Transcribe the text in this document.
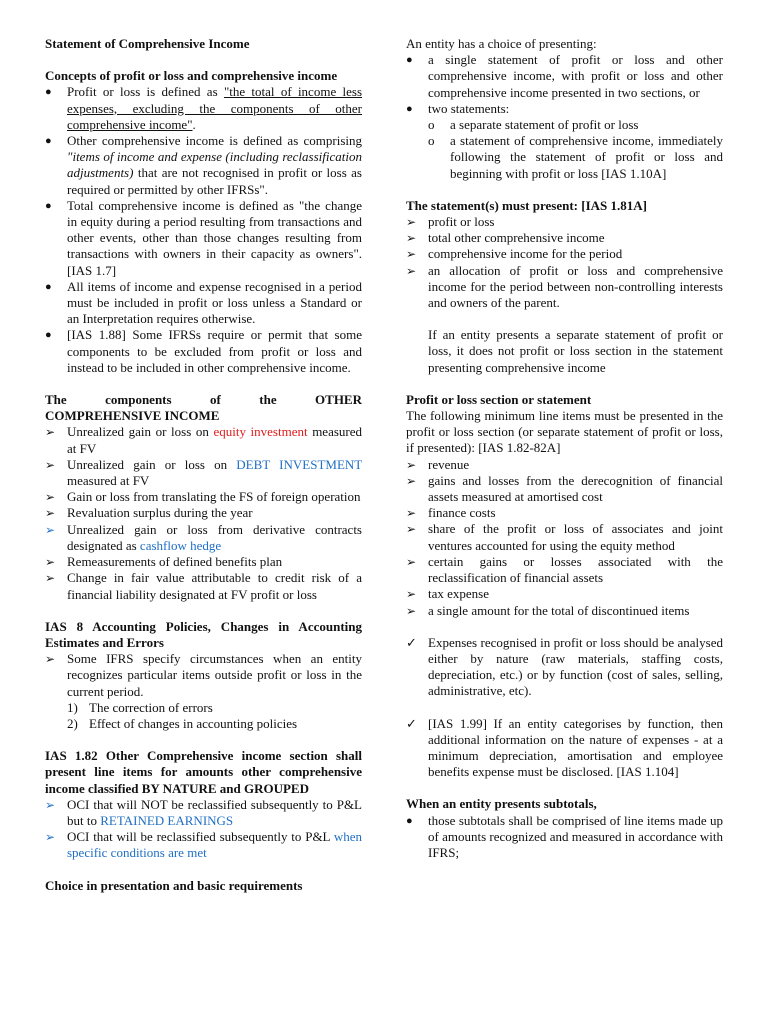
Statement of Comprehensive Income
Concepts of profit or loss and comprehensive income
●	Profit or loss is defined as "the total of income less expenses, excluding the components of other comprehensive income".
●	Other comprehensive income is defined as comprising "items of income and expense (including reclassification adjustments) that are not recognised in profit or loss as required or permitted by other IFRSs".
●	Total comprehensive income is defined as "the change in equity during a period resulting from transactions and other events, other than those changes resulting from transactions with owners in their capacity as owners". [IAS 1.7]
●	All items of income and expense recognised in a period must be included in profit or loss unless a Standard or an Interpretation requires otherwise.
●	[IAS 1.88] Some IFRSs require or permit that some components to be excluded from profit or loss and instead to be included in other comprehensive income.
The components of the OTHER
COMPREHENSIVE INCOME
➢ Unrealized gain or loss on equity investment measured at FV
➢ Unrealized gain or loss on DEBT INVESTMENT measured at FV
➢ Gain or loss from translating the FS of foreign operation
➢ Revaluation surplus during the year
➢ Unrealized gain or loss from derivative contracts designated as cashflow hedge
➢ Remeasurements of defined benefits plan
➢ Change in fair value attributable to credit risk of a financial liability designated at FV profit or loss
IAS 8 Accounting Policies, Changes in Accounting Estimates and Errors
➢ Some IFRS specify circumstances when an entity recognizes particular items outside profit or loss in the current period.
1) The correction of errors
2) Effect of changes in accounting policies
IAS 1.82 Other Comprehensive income section shall present line items for amounts other comprehensive income classified BY NATURE and GROUPED
➢ OCI that will NOT be reclassified subsequently to P&L but to RETAINED EARNINGS
➢ OCI that will be reclassified subsequently to P&L when specific conditions are met
Choice in presentation and basic requirements
An entity has a choice of presenting:
●	a single statement of profit or loss and other comprehensive income, with profit or loss and other comprehensive income presented in two sections, or
●	two statements:
o a separate statement of profit or loss
o a statement of comprehensive income, immediately following the statement of profit or loss and beginning with profit or loss [IAS 1.10A]
The statement(s) must present: [IAS 1.81A]
➢ profit or loss
➢ total other comprehensive income
➢ comprehensive income for the period
➢ an allocation of profit or loss and comprehensive income for the period between non-controlling interests and owners of the parent.
If an entity presents a separate statement of profit or loss, it does not profit or loss section in the statement presenting comprehensive income
Profit or loss section or statement
The following minimum line items must be presented in the profit or loss section (or separate statement of profit or loss, if presented): [IAS 1.82-82A]
➢ revenue
➢ gains and losses from the derecognition of financial assets measured at amortised cost
➢ finance costs
➢ share of the profit or loss of associates and joint ventures accounted for using the equity method
➢ certain gains or losses associated with the reclassification of financial assets
➢ tax expense
➢ a single amount for the total of discontinued items
✓ Expenses recognised in profit or loss should be analysed either by nature (raw materials, staffing costs, depreciation, etc.) or by function (cost of sales, selling, administrative, etc).
✓ [IAS 1.99] If an entity categorises by function, then additional information on the nature of expenses - at a minimum depreciation, amortisation and employee benefits expense must be disclosed. [IAS 1.104]
When an entity presents subtotals,
●	those subtotals shall be comprised of line items made up of amounts recognized and measured in accordance with IFRS;
